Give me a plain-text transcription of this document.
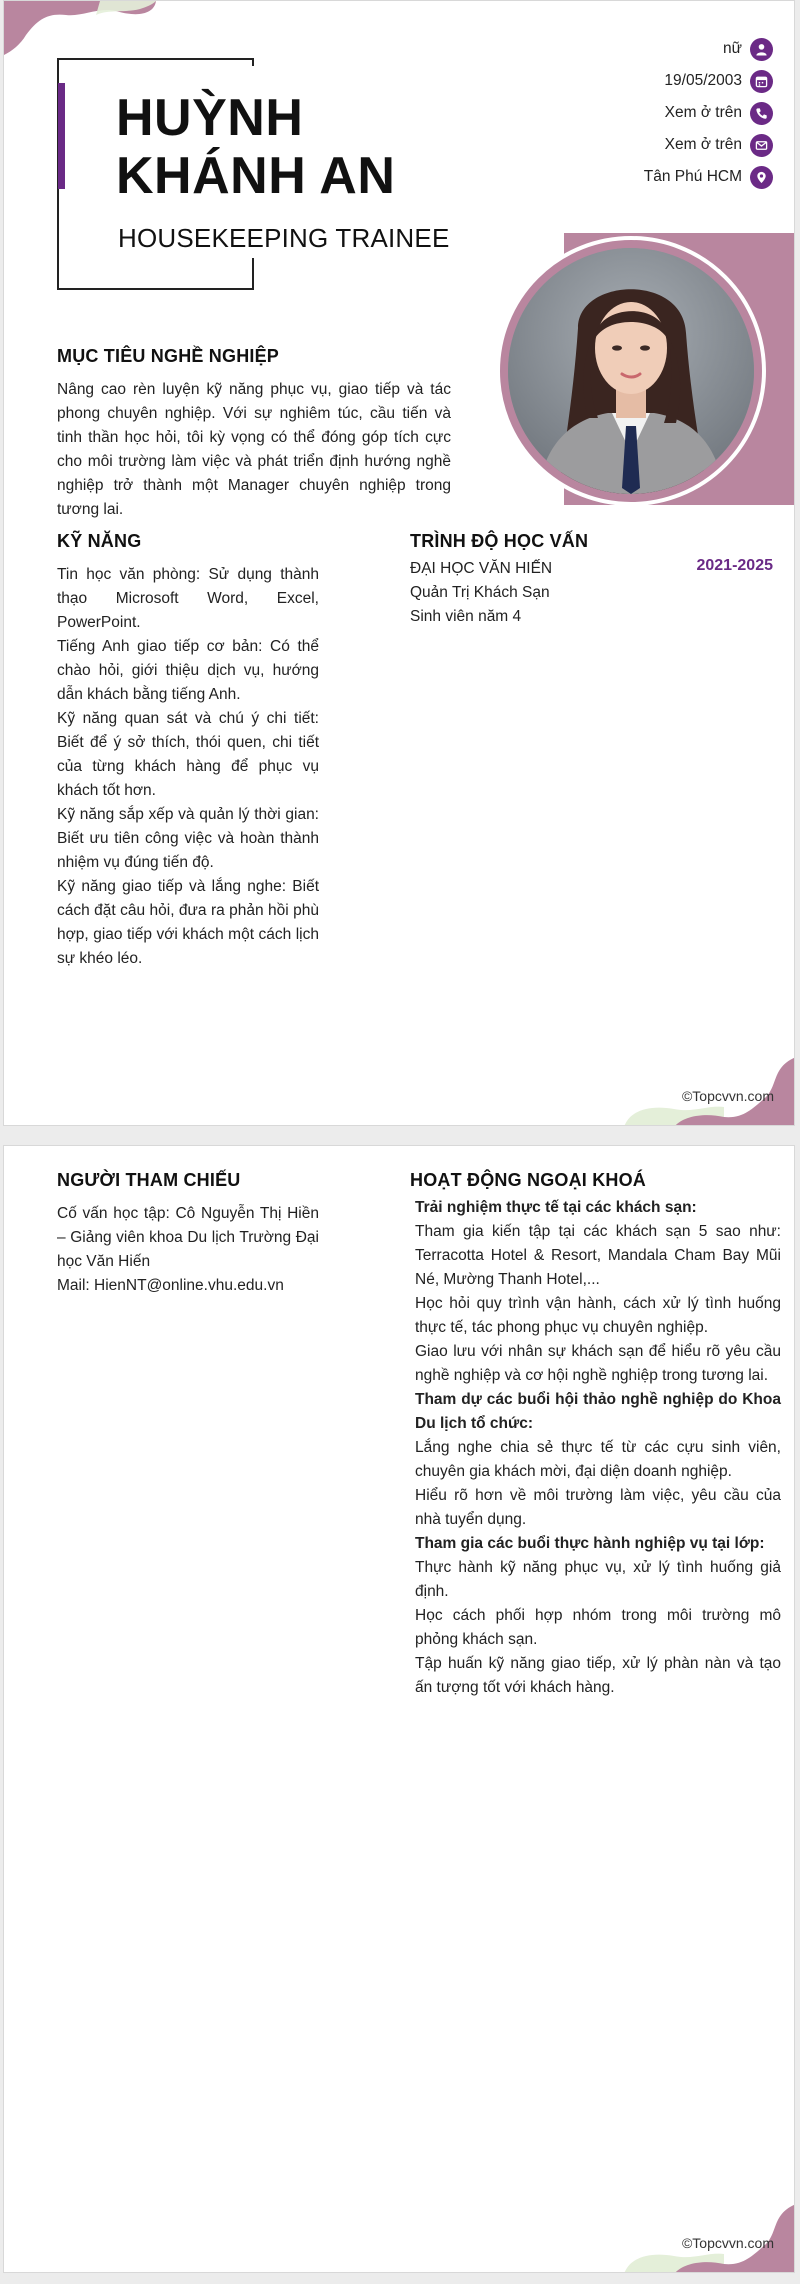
©Topcvvn.com
HUỲNH
KHÁNH AN
HOUSEKEEPING TRAINEE
nữ
19/05/2003
Xem ở trên
Xem ở trên
Tân Phú HCM
MỤC TIÊU NGHỀ NGHIỆP

Nâng cao rèn luyện kỹ năng phục vụ, giao tiếp và tác phong chuyên nghiệp. Với sự nghiêm túc, cầu tiến và tinh thần học hỏi, tôi kỳ vọng có thể đóng góp tích cực cho môi trường làm việc và phát triển định hướng nghề nghiệp trở thành một Manager chuyên nghiệp trong tương lai.

KỸ NĂNG

Tin học văn phòng: Sử dụng thành thạo Microsoft Word, Excel, PowerPoint.

Tiếng Anh giao tiếp cơ bản: Có thể chào hỏi, giới thiệu dịch vụ, hướng dẫn khách bằng tiếng Anh.

Kỹ năng quan sát và chú ý chi tiết: Biết để ý sở thích, thói quen, chi tiết của từng khách hàng để phục vụ khách tốt hơn.

Kỹ năng sắp xếp và quản lý thời gian: Biết ưu tiên công việc và hoàn thành nhiệm vụ đúng tiến độ.

Kỹ năng giao tiếp và lắng nghe: Biết cách đặt câu hỏi, đưa ra phản hồi phù hợp, giao tiếp với khách một cách lịch sự khéo léo.

TRÌNH ĐỘ HỌC VẤN
ĐẠI HỌC VĂN HIẾN
Quản Trị Khách Sạn
Sinh viên năm 4
2021-2025
©Topcvvn.com
NGƯỜI THAM CHIẾU

Cố vấn học tập: Cô Nguyễn Thị Hiền – Giảng viên khoa Du lịch Trường Đại học Văn Hiến

Mail: HienNT@online.vhu.edu.vn

HOẠT ĐỘNG NGOẠI KHOÁ

Trải nghiệm thực tế tại các khách sạn:

Tham gia kiến tập tại các khách sạn 5 sao như: Terracotta Hotel & Resort, Mandala Cham Bay Mũi Né, Mường Thanh Hotel,...

Học hỏi quy trình vận hành, cách xử lý tình huống thực tế, tác phong phục vụ chuyên nghiệp.

Giao lưu với nhân sự khách sạn để hiểu rõ yêu cầu nghề nghiệp và cơ hội nghề nghiệp trong tương lai.

Tham dự các buổi hội thảo nghề nghiệp do Khoa Du lịch tổ chức:

Lắng nghe chia sẻ thực tế từ các cựu sinh viên, chuyên gia khách mời, đại diện doanh nghiệp.

Hiểu rõ hơn về môi trường làm việc, yêu cầu của nhà tuyển dụng.

Tham gia các buổi thực hành nghiệp vụ tại lớp:

Thực hành kỹ năng phục vụ, xử lý tình huống giả định.

Học cách phối hợp nhóm trong môi trường mô phỏng khách sạn.

Tập huấn kỹ năng giao tiếp, xử lý phàn nàn và tạo ấn tượng tốt với khách hàng.
